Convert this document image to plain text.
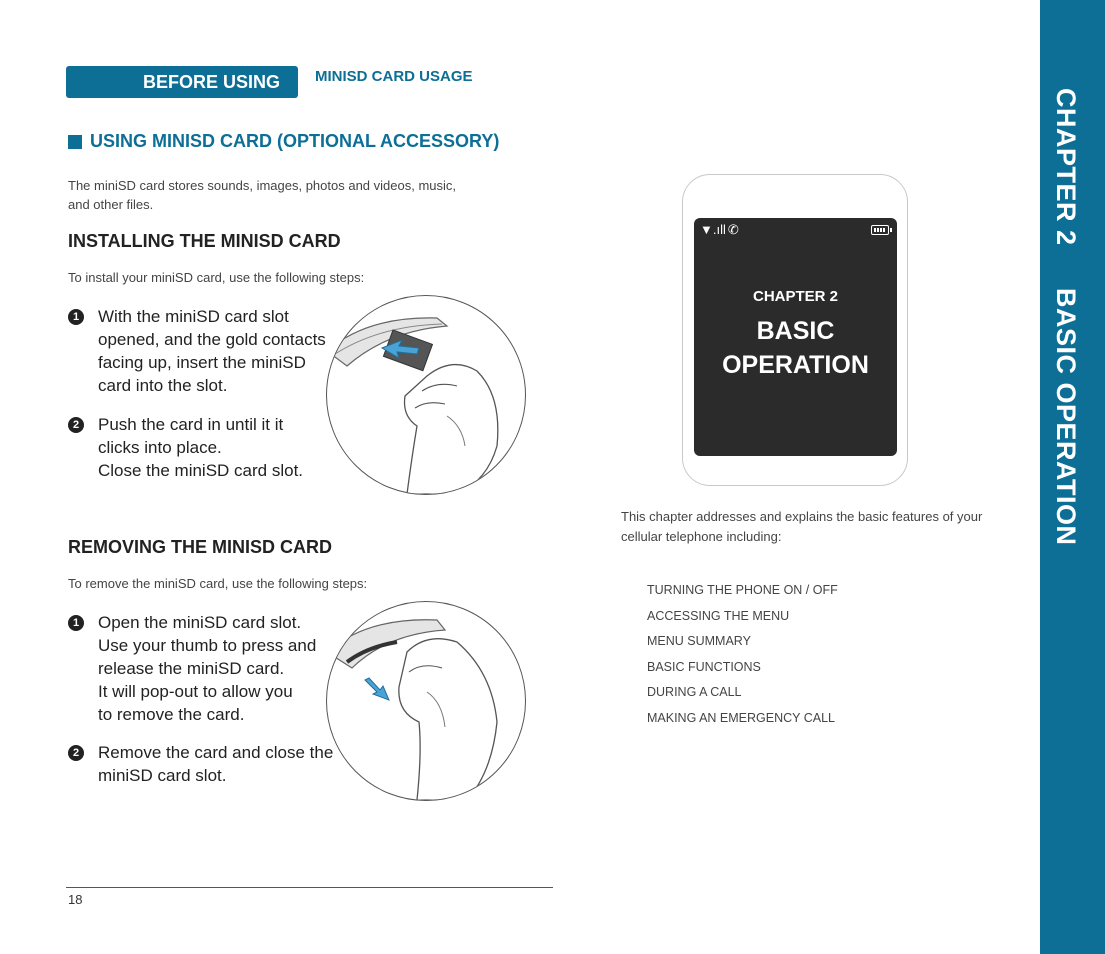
BEFORE USING MINISD CARD USAGE
USING MINISD CARD (OPTIONAL ACCESSORY)
The miniSD card stores sounds, images, photos and videos, music, and other files.
INSTALLING THE MINISD CARD
To install your miniSD card, use the following steps:
1 With the miniSD card slot
opened, and the gold contacts
facing up, insert the miniSD
card into the slot.
2 Push the card in until it it
clicks into place.
Close the miniSD card slot.
REMOVING THE MINISD CARD
To remove the miniSD card, use the following steps:
1 Open the miniSD card slot.
Use your thumb to press and
release the miniSD card.
It will pop-out to allow you
to remove the card.
2 Remove the card and close the
miniSD card slot.
18
▼.ıll ✆
CHAPTER 2
BASIC
OPERATION
This chapter addresses and explains the basic features of your cellular telephone including:
TURNING THE PHONE ON / OFF
ACCESSING THE MENU
MENU SUMMARY
BASIC FUNCTIONS
DURING A CALL
MAKING AN EMERGENCY CALL
CHAPTER 2BASIC OPERATION
